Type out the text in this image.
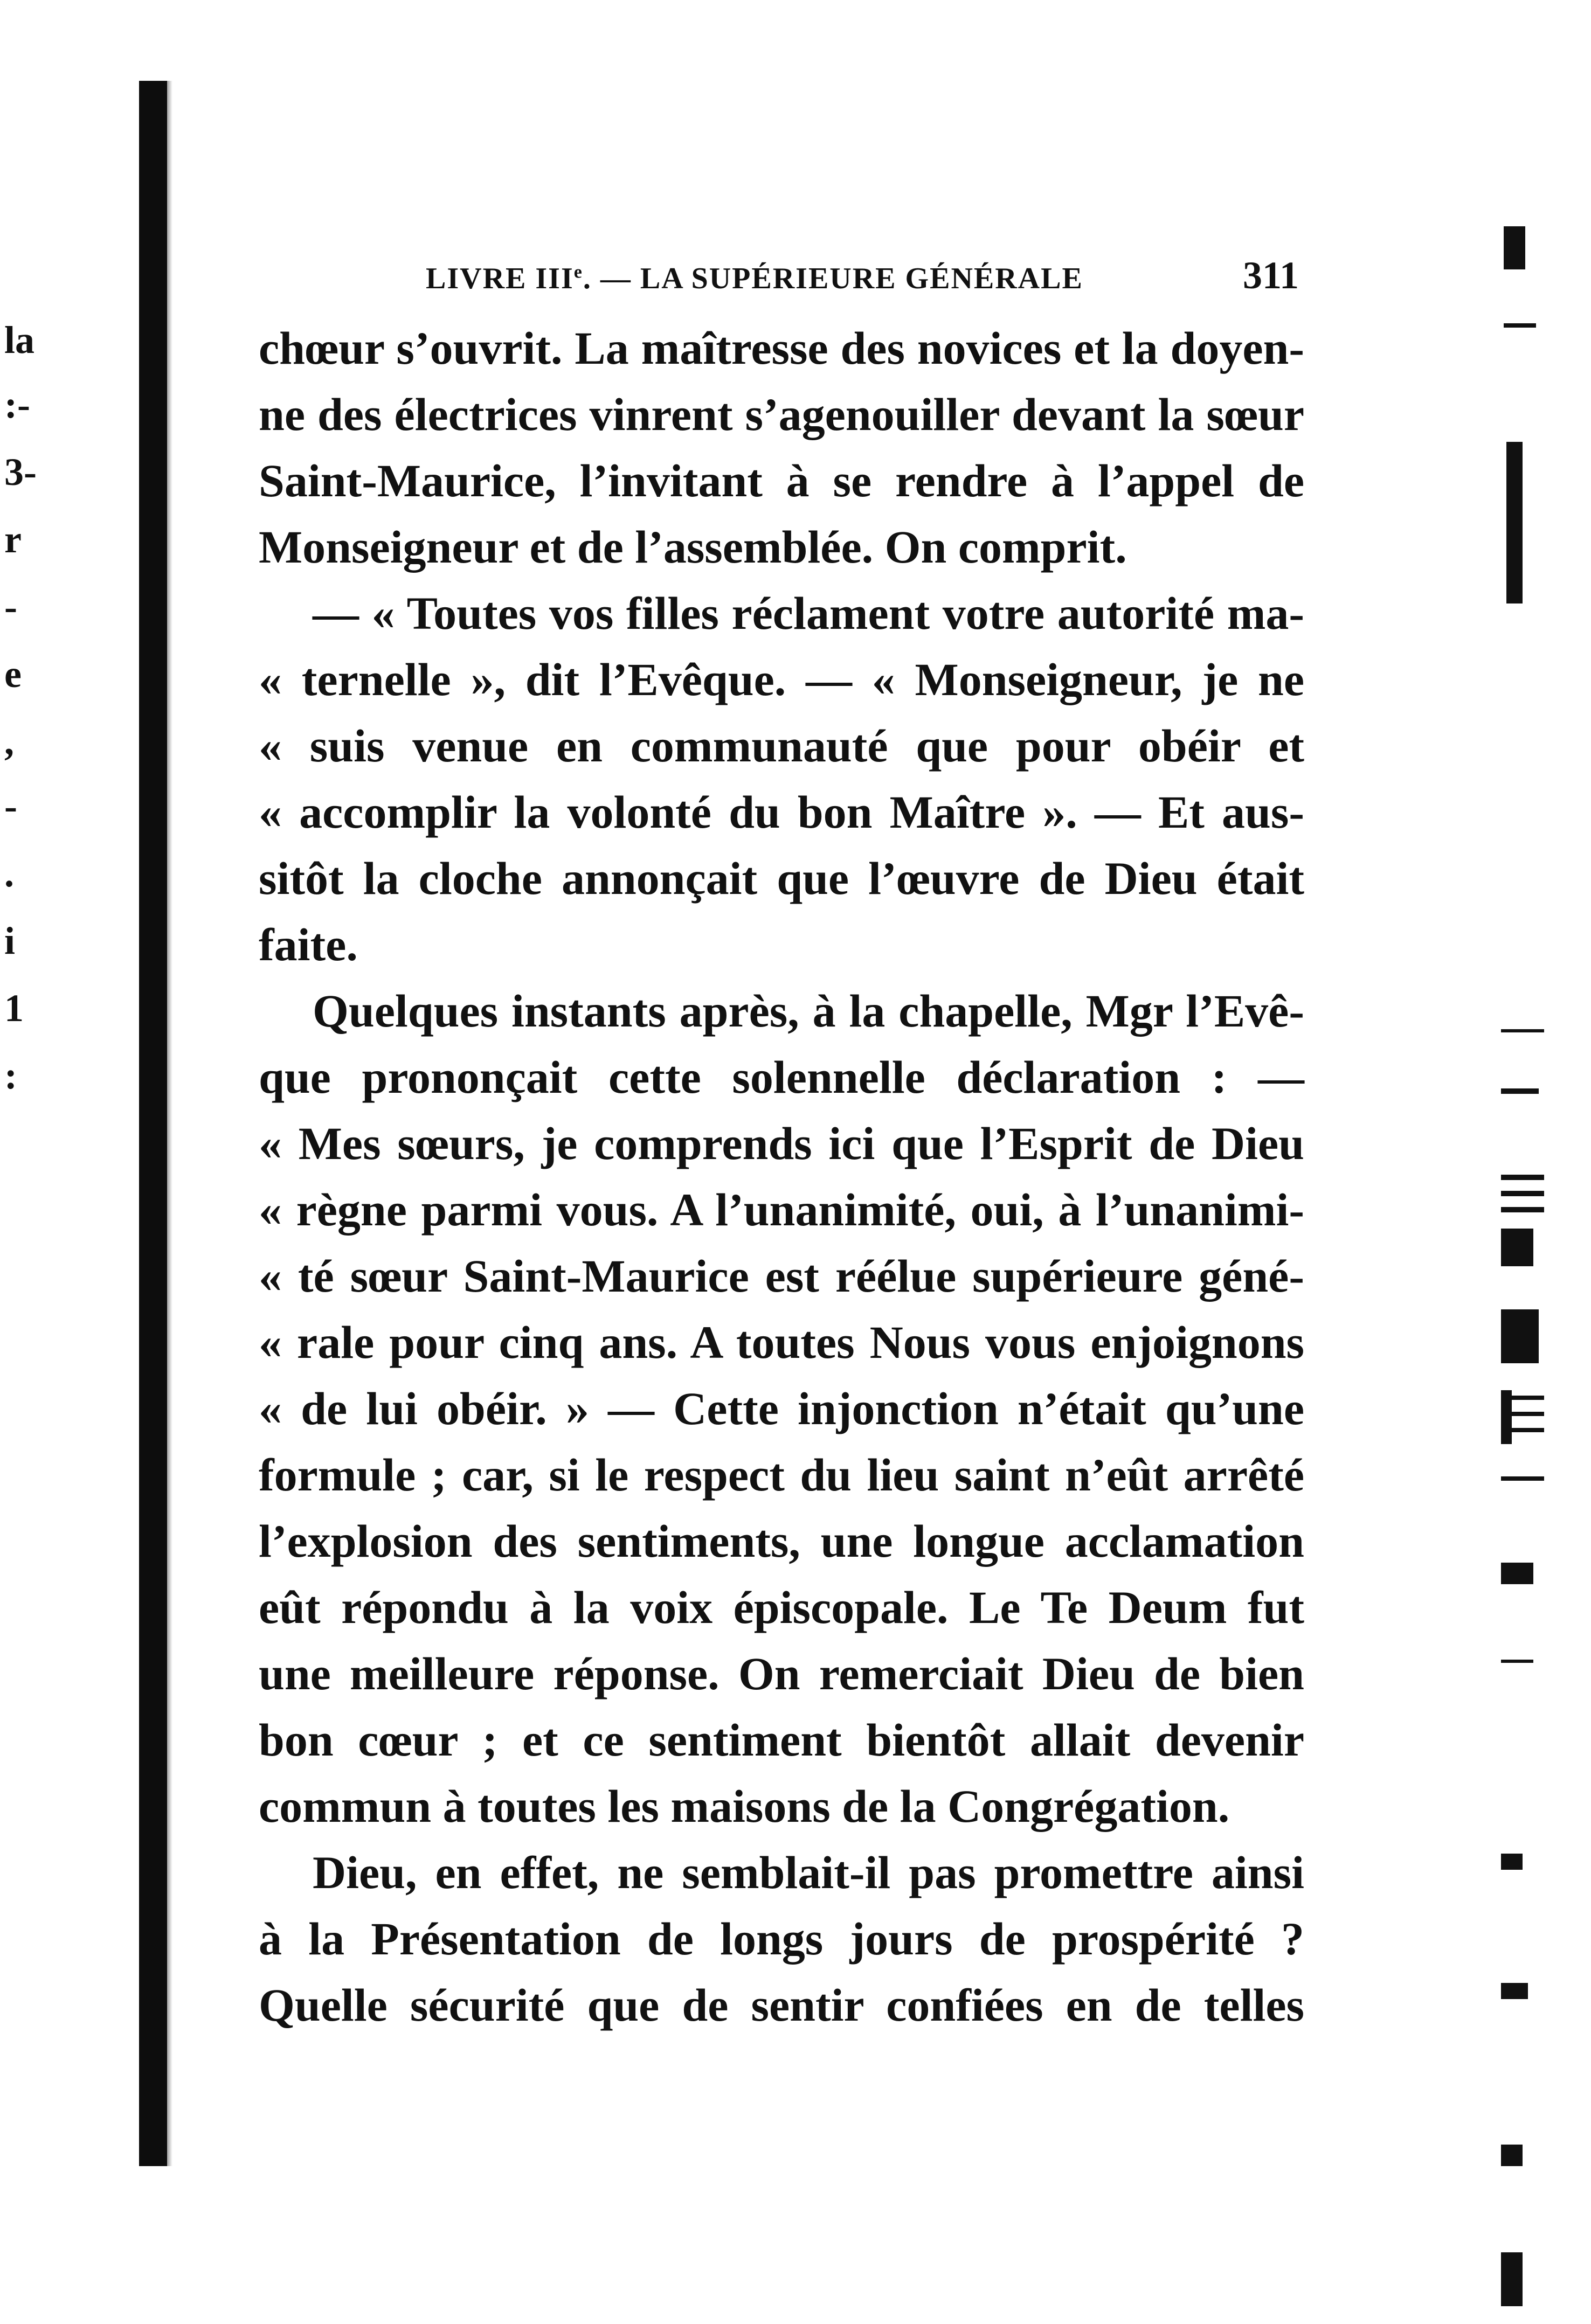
la
:-
3-
r
-
e
,
-
.
i
1
:
LIVRE IIIe. — LA SUPÉRIEURE GÉNÉRALE	311
chœur s’ouvrit. La maîtresse des novices et la doyen-
ne des électrices vinrent s’agenouiller devant la sœur
Saint-Maurice, l’invitant à se rendre à l’appel de
Monseigneur et de l’assemblée. On comprit.
— « Toutes vos filles réclament votre autorité ma-
« ternelle », dit l’Evêque. — « Monseigneur, je ne
« suis venue en communauté que pour obéir et
« accomplir la volonté du bon Maître ». — Et aus-
sitôt la cloche annonçait que l’œuvre de Dieu était
faite.
Quelques instants après, à la chapelle, Mgr l’Evê-
que prononçait cette solennelle déclaration : —
« Mes sœurs, je comprends ici que l’Esprit de Dieu
« règne parmi vous. A l’unanimité, oui, à l’unanimi-
« té sœur Saint-Maurice est réélue supérieure géné-
« rale pour cinq ans. A toutes Nous vous enjoignons
« de lui obéir. » — Cette injonction n’était qu’une
formule ; car, si le respect du lieu saint n’eût arrêté
l’explosion des sentiments, une longue acclamation
eût répondu à la voix épiscopale. Le Te Deum fut
une meilleure réponse. On remerciait Dieu de bien
bon cœur ; et ce sentiment bientôt allait devenir
commun à toutes les maisons de la Congrégation.
Dieu, en effet, ne semblait-il pas promettre ainsi
à la Présentation de longs jours de prospérité ?
Quelle sécurité que de sentir confiées en de telles
